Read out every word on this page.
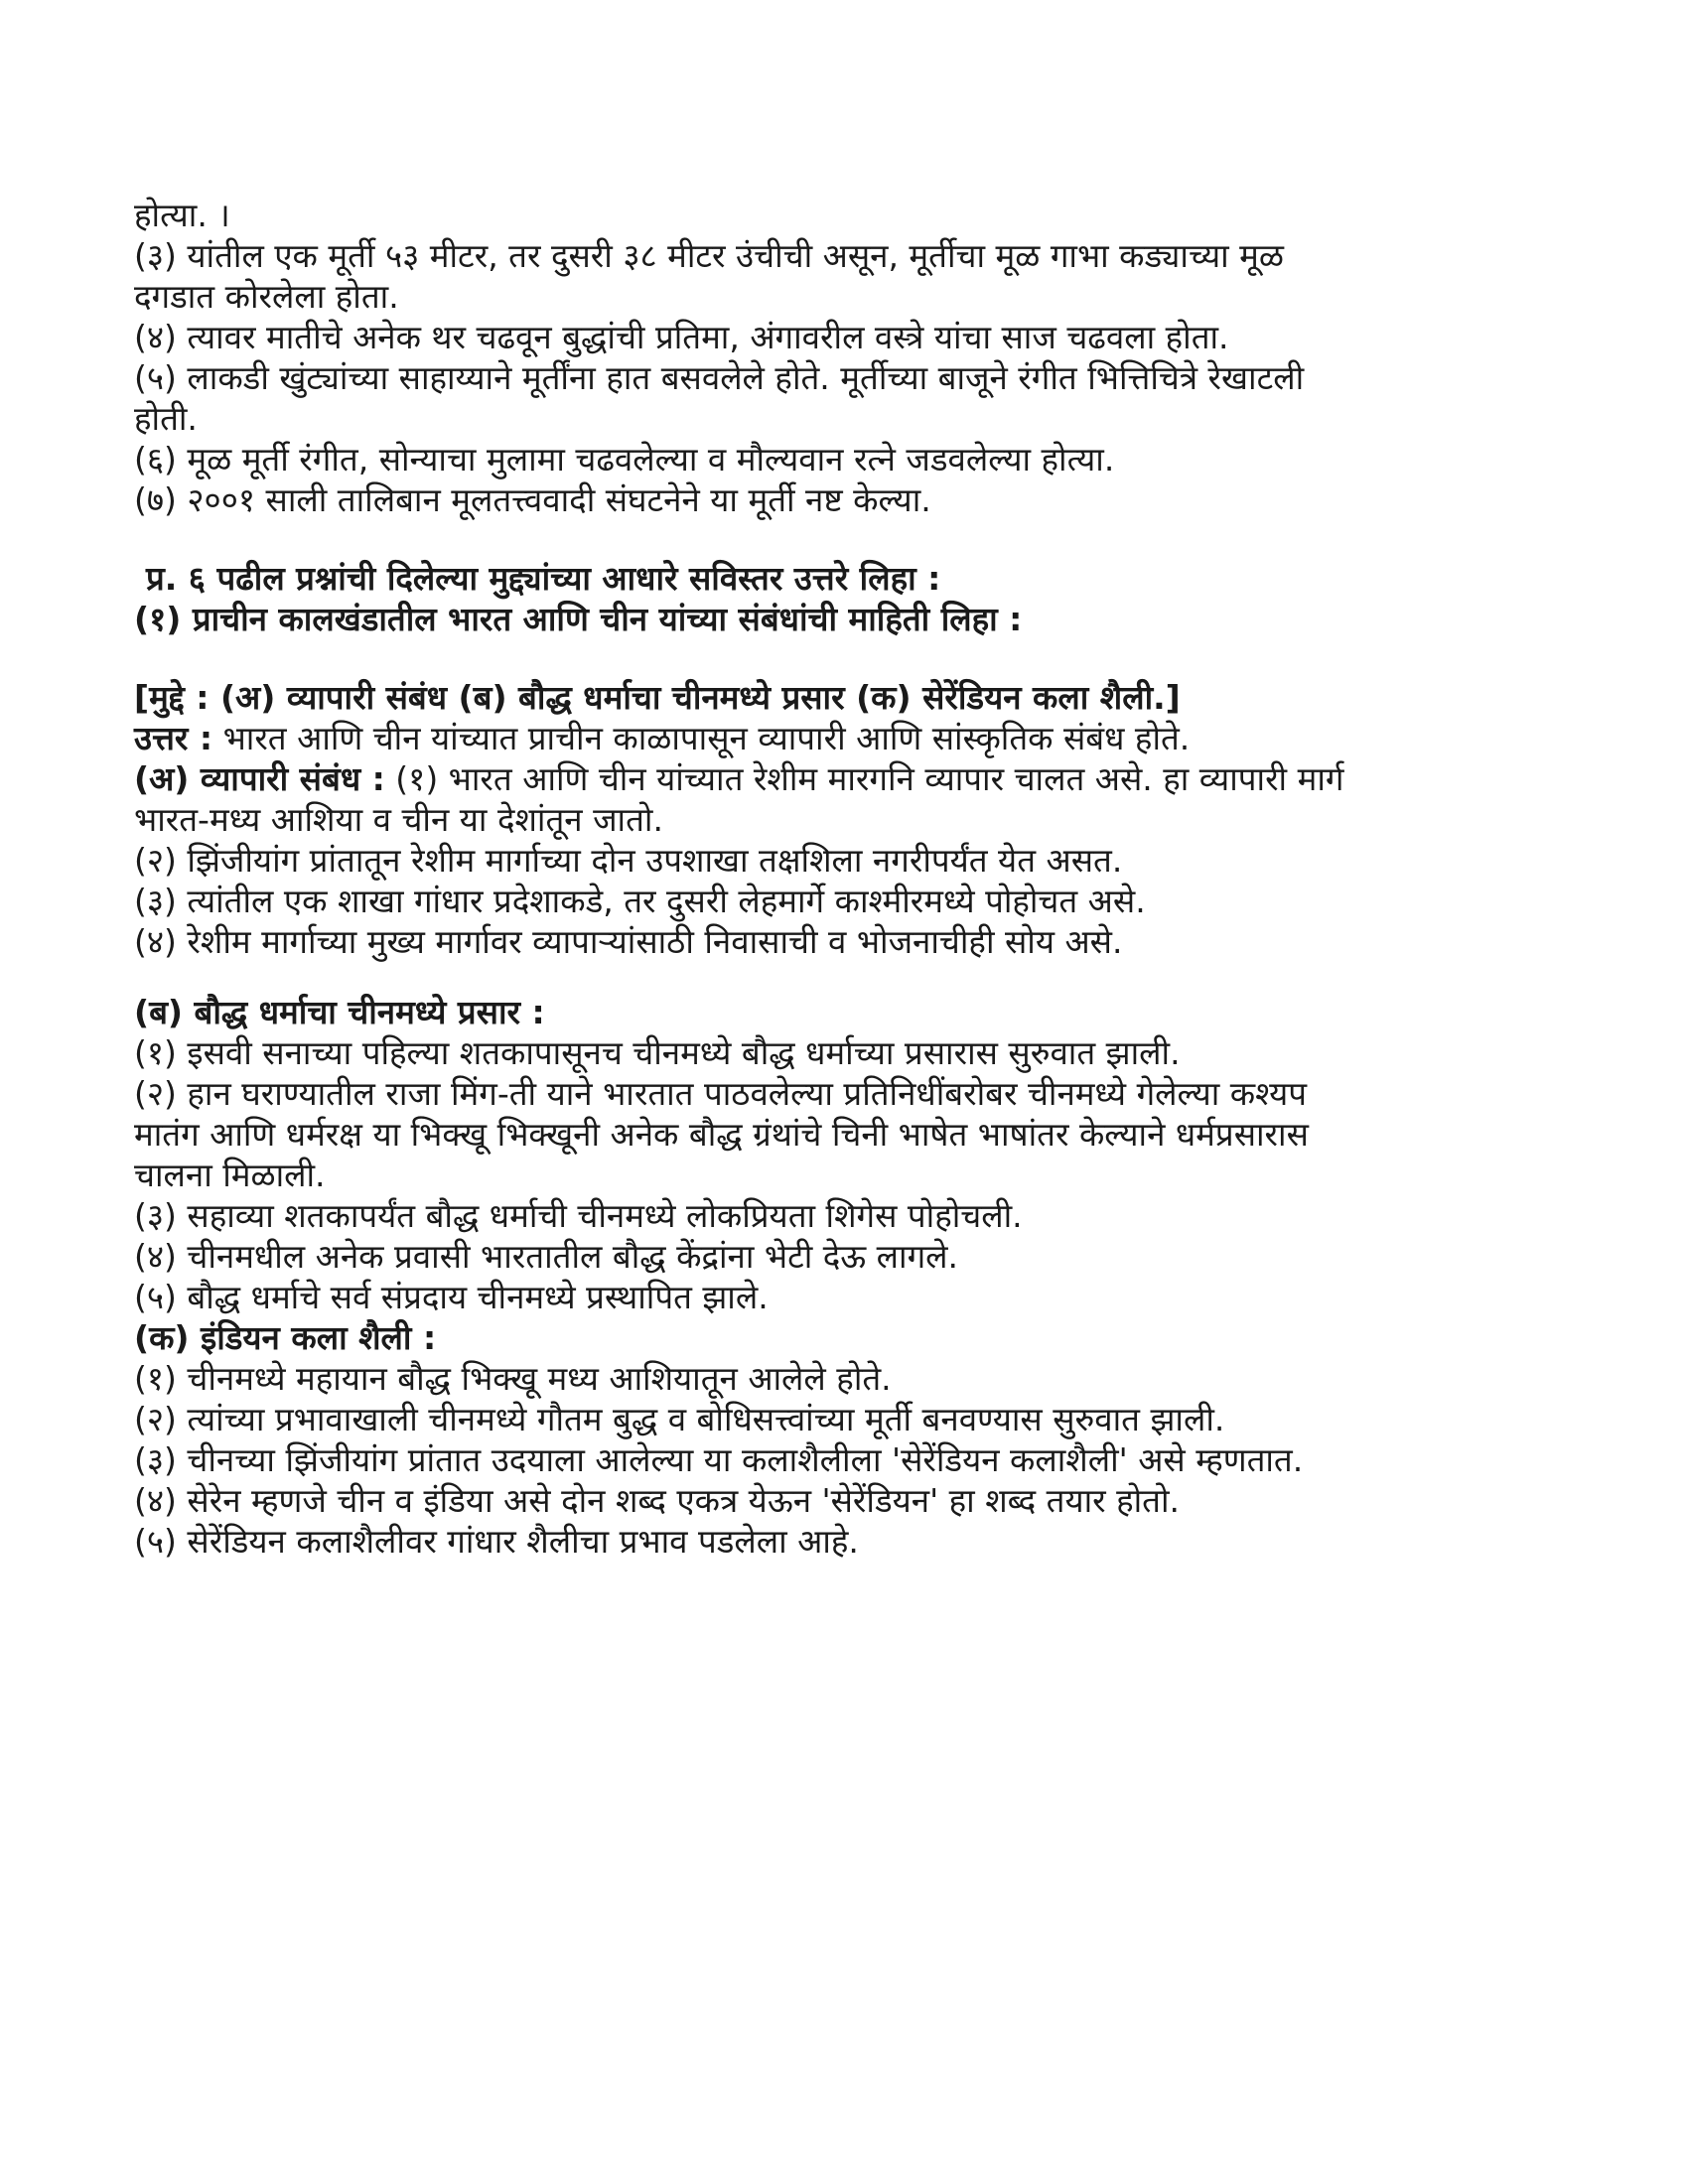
होत्या. ।

(३) यांतील एक मूर्ती ५३ मीटर, तर दुसरी ३८ मीटर उंचीची असून, मूर्तीचा मूळ गाभा कड्याच्या मूळ

दगडात कोरलेला होता.

(४) त्यावर मातीचे अनेक थर चढवून बुद्धांची प्रतिमा, अंगावरील वस्त्रे यांचा साज चढवला होता.

(५) लाकडी खुंट्यांच्या साहाय्याने मूर्तींना हात बसवलेले होते. मूर्तीच्या बाजूने रंगीत भित्तिचित्रे रेखाटली

होती.

(६) मूळ मूर्ती रंगीत, सोन्याचा मुलामा चढवलेल्या व मौल्यवान रत्ने जडवलेल्या होत्या.

(७) २००१ साली तालिबान मूलतत्त्ववादी संघटनेने या मूर्ती नष्ट केल्या.

प्र. ६ पढील प्रश्नांची दिलेल्या मुद्द्यांच्या आधारे सविस्तर उत्तरे लिहा :

(१) प्राचीन कालखंडातील भारत आणि चीन यांच्या संबंधांची माहिती लिहा :

[मुद्दे : (अ) व्यापारी संबंध (ब) बौद्ध धर्माचा चीनमध्ये प्रसार (क) सेरेंडियन कला शैली.]

उत्तर : भारत आणि चीन यांच्यात प्राचीन काळापासून व्यापारी आणि सांस्कृतिक संबंध होते.

(अ) व्यापारी संबंध : (१) भारत आणि चीन यांच्यात रेशीम मारगनि व्यापार चालत असे. हा व्यापारी मार्ग

भारत-मध्य आशिया व चीन या देशांतून जातो.

(२) झिंजीयांग प्रांतातून रेशीम मार्गाच्या दोन उपशाखा तक्षशिला नगरीपर्यंत येत असत.

(३) त्यांतील एक शाखा गांधार प्रदेशाकडे, तर दुसरी लेहमार्गे काश्मीरमध्ये पोहोचत असे.

(४) रेशीम मार्गाच्या मुख्य मार्गावर व्यापाऱ्यांसाठी निवासाची व भोजनाचीही सोय असे.

(ब) बौद्ध धर्माचा चीनमध्ये प्रसार :

(१) इसवी सनाच्या पहिल्या शतकापासूनच चीनमध्ये बौद्ध धर्माच्या प्रसारास सुरुवात झाली.

(२) हान घराण्यातील राजा मिंग-ती याने भारतात पाठवलेल्या प्रतिनिधींबरोबर चीनमध्ये गेलेल्या कश्यप

मातंग आणि धर्मरक्ष या भिक्खू भिक्खूनी अनेक बौद्ध ग्रंथांचे चिनी भाषेत भाषांतर केल्याने धर्मप्रसारास

चालना मिळाली.

(३) सहाव्या शतकापर्यंत बौद्ध धर्माची चीनमध्ये लोकप्रियता शिगेस पोहोचली.

(४) चीनमधील अनेक प्रवासी भारतातील बौद्ध केंद्रांना भेटी देऊ लागले.

(५) बौद्ध धर्माचे सर्व संप्रदाय चीनमध्ये प्रस्थापित झाले.

(क) इंडियन कला शैली :

(१) चीनमध्ये महायान बौद्ध भिक्खू मध्य आशियातून आलेले होते.

(२) त्यांच्या प्रभावाखाली चीनमध्ये गौतम बुद्ध व बोधिसत्त्वांच्या मूर्ती बनवण्यास सुरुवात झाली.

(३) चीनच्या झिंजीयांग प्रांतात उदयाला आलेल्या या कलाशैलीला 'सेरेंडियन कलाशैली' असे म्हणतात.

(४) सेरेन म्हणजे चीन व इंडिया असे दोन शब्द एकत्र येऊन 'सेरेंडियन' हा शब्द तयार होतो.

(५) सेरेंडियन कलाशैलीवर गांधार शैलीचा प्रभाव पडलेला आहे.
